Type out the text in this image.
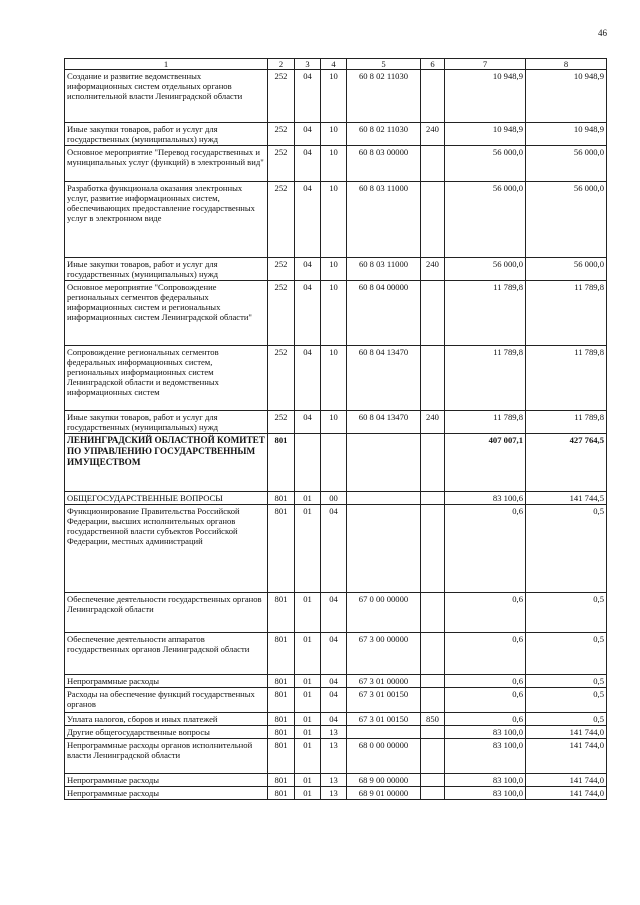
46
1	2	3	4	5	6	7	8
Создание и развитие ведомственных информационных систем отдельных органов исполнительной власти Ленинградской области	252	04	10	60 8 02 11030		10 948,9	10 948,9
Иные закупки товаров, работ и услуг для государственных (муниципальных) нужд	252	04	10	60 8 02 11030	240	10 948,9	10 948,9
Основное мероприятие "Перевод государственных и муниципальных услуг (функций) в электронный вид"	252	04	10	60 8 03 00000		56 000,0	56 000,0
Разработка функционала оказания электронных услуг, развитие информационных систем, обеспечивающих предоставление государственных услуг в электронном виде	252	04	10	60 8 03 11000		56 000,0	56 000,0
Иные закупки товаров, работ и услуг для государственных (муниципальных) нужд	252	04	10	60 8 03 11000	240	56 000,0	56 000,0
Основное мероприятие "Сопровождение региональных сегментов федеральных информационных систем и региональных информационных систем Ленинградской области"	252	04	10	60 8 04 00000		11 789,8	11 789,8
Сопровождение региональных сегментов федеральных информационных систем, региональных информационных систем Ленинградской области и ведомственных информационных систем	252	04	10	60 8 04 13470		11 789,8	11 789,8
Иные закупки товаров, работ и услуг для государственных (муниципальных) нужд	252	04	10	60 8 04 13470	240	11 789,8	11 789,8
ЛЕНИНГРАДСКИЙ ОБЛАСТНОЙ КОМИТЕТ ПО УПРАВЛЕНИЮ ГОСУДАРСТВЕННЫМ ИМУЩЕСТВОМ	801					407 007,1	427 764,5
ОБЩЕГОСУДАРСТВЕННЫЕ ВОПРОСЫ	801	01	00			83 100,6	141 744,5
Функционирование Правительства Российской Федерации, высших исполнительных органов государственной власти субъектов Российской Федерации, местных администраций	801	01	04			0,6	0,5
Обеспечение деятельности государственных органов Ленинградской области	801	01	04	67 0 00 00000		0,6	0,5
Обеспечение деятельности аппаратов государственных органов Ленинградской области	801	01	04	67 3 00 00000		0,6	0,5
Непрограммные расходы	801	01	04	67 3 01 00000		0,6	0,5
Расходы на обеспечение функций государственных органов	801	01	04	67 3 01 00150		0,6	0,5
Уплата налогов, сборов и иных платежей	801	01	04	67 3 01 00150	850	0,6	0,5
Другие общегосударственные вопросы	801	01	13			83 100,0	141 744,0
Непрограммные расходы органов исполнительной власти Ленинградской области	801	01	13	68 0 00 00000		83 100,0	141 744,0
Непрограммные расходы	801	01	13	68 9 00 00000		83 100,0	141 744,0
Непрограммные расходы	801	01	13	68 9 01 00000		83 100,0	141 744,0
